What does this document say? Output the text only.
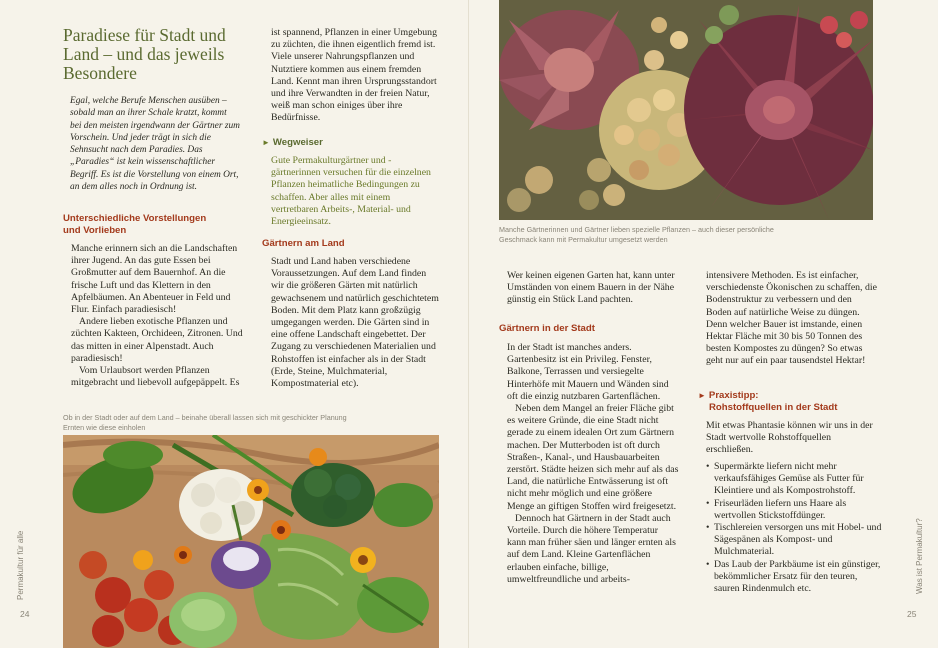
Permakultur für alle
24
Paradiese für Stadt und Land – und das jeweils Besondere
Egal, welche Berufe Menschen ausüben – sobald man an ihrer Schale kratzt, kommt bei den meisten irgendwann der Gärtner zum Vorschein. Und jeder trägt in sich die Sehnsucht nach dem Paradies. Das „Paradies“ ist kein wissenschaftlicher Begriff. Es ist die Vorstellung von einem Ort, an dem alles noch in Ordnung ist.
Unterschiedliche Vorstellungen und Vorlieben

Manche erinnern sich an die Landschaften ihrer Jugend. An das gute Essen bei Großmutter auf dem Bauernhof. An die frische Luft und das Klettern in den Apfelbäumen. An Abenteuer in Feld und Flur. Einfach paradiesisch!

Andere lieben exotische Pflanzen und züchten Kakteen, Orchideen, Zitronen. Und das mitten in einer Alpenstadt. Auch paradiesisch!

Vom Urlaubsort werden Pflanzen mitgebracht und liebevoll aufgepäppelt. Es

ist spannend, Pflanzen in einer Umgebung zu züchten, die ihnen eigentlich fremd ist. Viele unserer Nahrungspflanzen und Nutztiere kommen aus einem fremden Land. Kennt man ihren Ursprungsstandort und ihre Verwandten in der freien Natur, weiß man schon einiges über ihre Bedürfnisse.
► Wegweiser
Gute Permakulturgärtner und -gärtnerinnen versuchen für die einzelnen Pflanzen heimatliche Bedingungen zu schaffen. Aber alles mit einem vertretbaren Arbeits-, Material- und Energieeinsatz.
Gärtnern am Land
Stadt und Land haben verschiedene Voraussetzungen. Auf dem Land finden wir die größeren Gärten mit natürlich gewachsenem und natürlich geschichtetem Boden. Mit dem Platz kann großzügig umgegangen werden. Die Gärten sind in eine offene Landschaft eingebettet. Der Zugang zu verschiedenen Materialien und Rohstoffen ist einfacher als in der Stadt (Erde, Steine, Mulchmaterial, Kompostmaterial etc).
Ob in der Stadt oder auf dem Land – beinahe überall lassen sich mit geschickter Planung Ernten wie diese einholen
Manche Gärtnerinnen und Gärtner lieben spezielle Pflanzen – auch dieser persönliche Geschmack kann mit Permakultur umgesetzt werden
Wer keinen eigenen Garten hat, kann unter Umständen von einem Bauern in der Nähe günstig ein Stück Land pachten.
Gärtnern in der Stadt

In der Stadt ist manches anders. Gartenbesitz ist ein Privileg. Fenster, Balkone, Terrassen und versiegelte Hinterhöfe mit Mauern und Wänden sind oft die einzig nutzbaren Gartenflächen.

Neben dem Mangel an freier Fläche gibt es weitere Gründe, die eine Stadt nicht gerade zu einem idealen Ort zum Gärtnern machen. Der Mutterboden ist oft durch Straßen-, Kanal-, und Hausbauarbeiten zerstört. Städte heizen sich mehr auf als das Land, die natürliche Entwässerung ist oft nicht mehr möglich und eine größere Menge an giftigen Stoffen wird freigesetzt.

Dennoch hat Gärtnern in der Stadt auch Vorteile. Durch die höhere Temperatur kann man früher säen und länger ernten als auf dem Land. Kleine Gartenflächen erlauben einfache, billige, umweltfreundliche und arbeits-

intensivere Methoden. Es ist einfacher, verschiedenste Ökonischen zu schaffen, die Bodenstruktur zu verbessern und den Boden auf natürliche Weise zu düngen. Denn welcher Bauer ist imstande, einen Hektar Fläche mit 30 bis 50 Tonnen des besten Kompostes zu düngen? So etwas geht nur auf ein paar tausendstel Hektar!
► Praxistipp:
Rohstoffquellen in der Stadt
Mit etwas Phantasie können wir uns in der Stadt wertvolle Rohstoffquellen erschließen.
• Supermärkte liefern nicht mehr verkaufsfähiges Gemüse als Futter für Kleintiere und als Kompostrohstoff.
• Friseurläden liefern uns Haare als wertvollen Stickstoffdünger.
• Tischlereien versorgen uns mit Hobel- und Sägespänen als Kompost- und Mulchmaterial.
• Das Laub der Parkbäume ist ein günstiger, bekömmlicher Ersatz für den teuren, sauren Rindenmulch etc.	Was ist Permakultur?
25
